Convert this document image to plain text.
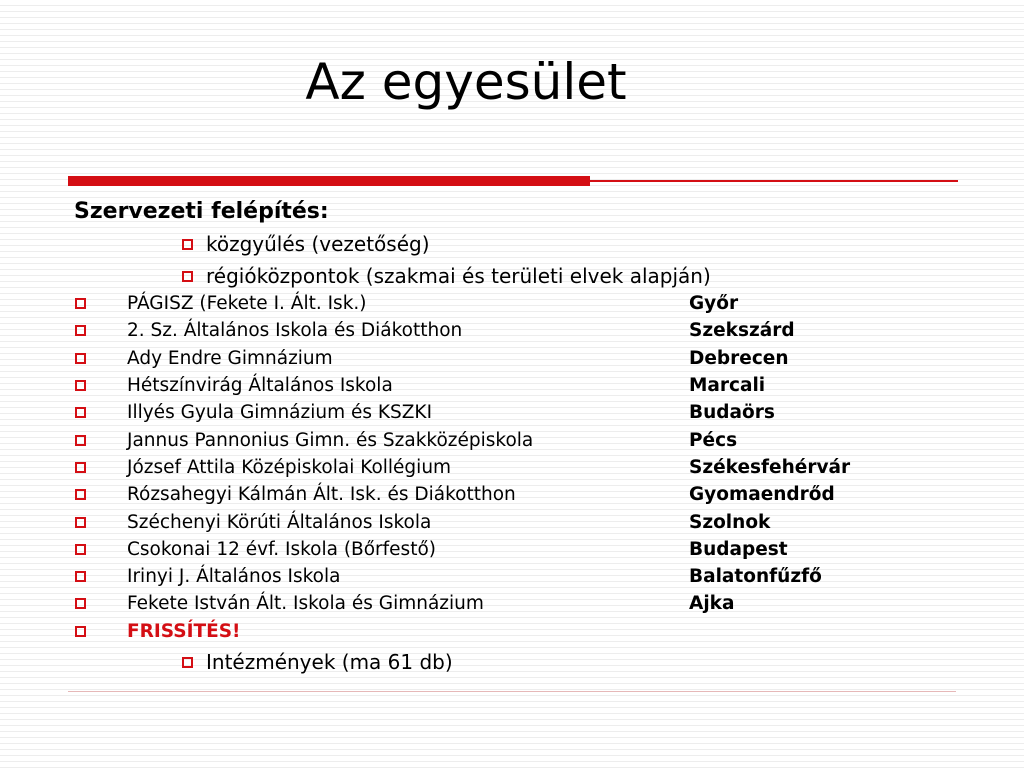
Az egyesület
Szervezeti felépítés:
közgyűlés (vezetőség)
régióközpontok (szakmai és területi elvek alapján)
PÁGISZ (Fekete I. Ált. Isk.)	Győr
2. Sz. Általános Iskola és Diákotthon	Szekszárd
Ady Endre Gimnázium	Debrecen
Hétszínvirág Általános Iskola	Marcali
Illyés Gyula Gimnázium és KSZKI	Budaörs
Jannus Pannonius Gimn. és Szakközépiskola	Pécs
József Attila Középiskolai Kollégium	Székesfehérvár
Rózsahegyi Kálmán Ált. Isk. és Diákotthon	Gyomaendrőd
Széchenyi Körúti Általános Iskola	Szolnok
Csokonai 12 évf. Iskola (Bőrfestő)	Budapest
Irinyi J. Általános Iskola	Balatonfűzfő
Fekete István Ált. Iskola és Gimnázium	Ajka
FRISSÍTÉS!
Intézmények (ma 61 db)
